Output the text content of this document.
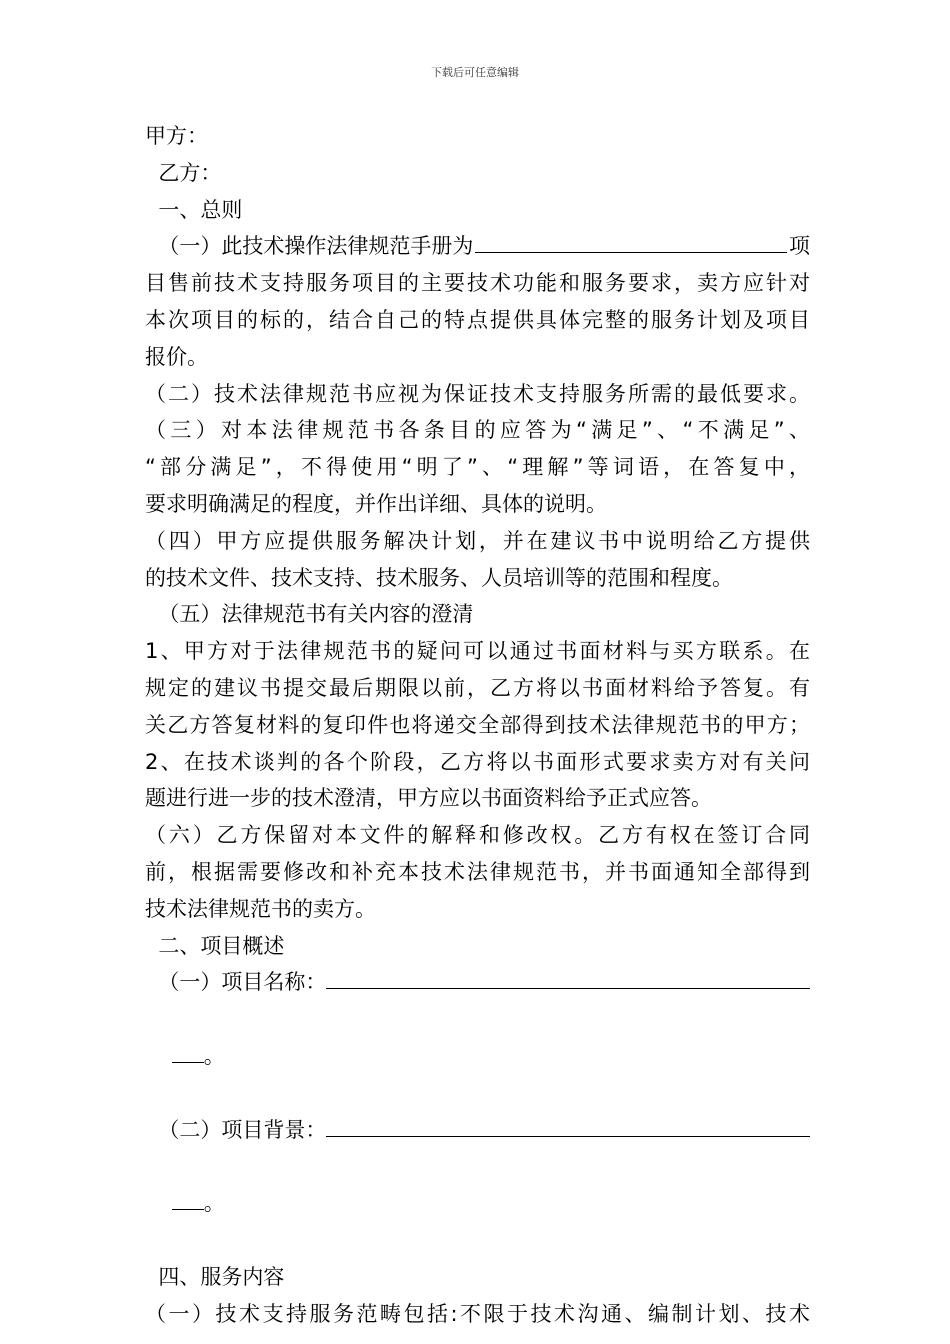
下载后可任意编辑
甲方：
乙方：
一、总则
（一）此技术操作法律规范手册为	项
目售前技术支持服务项目的主要技术功能和服务要求，卖方应针对
本次项目的标的，结合自己的特点提供具体完整的服务计划及项目
报价。
（二）技术法律规范书应视为保证技术支持服务所需的最低要求。
（三）对本法律规范书各条目的应答为“满足”、“不满足”、
“部分满足”，不得使用“明了”、“理解”等词语，在答复中，
要求明确满足的程度，并作出详细、具体的说明。
（四）甲方应提供服务解决计划，并在建议书中说明给乙方提供
的技术文件、技术支持、技术服务、人员培训等的范围和程度。
（五）法律规范书有关内容的澄清
1、甲方对于法律规范书的疑问可以通过书面材料与买方联系。在
规定的建议书提交最后期限以前，乙方将以书面材料给予答复。有
关乙方答复材料的复印件也将递交全部得到技术法律规范书的甲方；
2、在技术谈判的各个阶段，乙方将以书面形式要求卖方对有关问
题进行进一步的技术澄清，甲方应以书面资料给予正式应答。
（六）乙方保留对本文件的解释和修改权。乙方有权在签订合同
前，根据需要修改和补充本技术法律规范书，并书面通知全部得到
技术法律规范书的卖方。
二、项目概述
（一）项目名称：

。

（二）项目背景：

。

四、服务内容
（一）技术支持服务范畴包括:不限于技术沟通、编制计划、技术
